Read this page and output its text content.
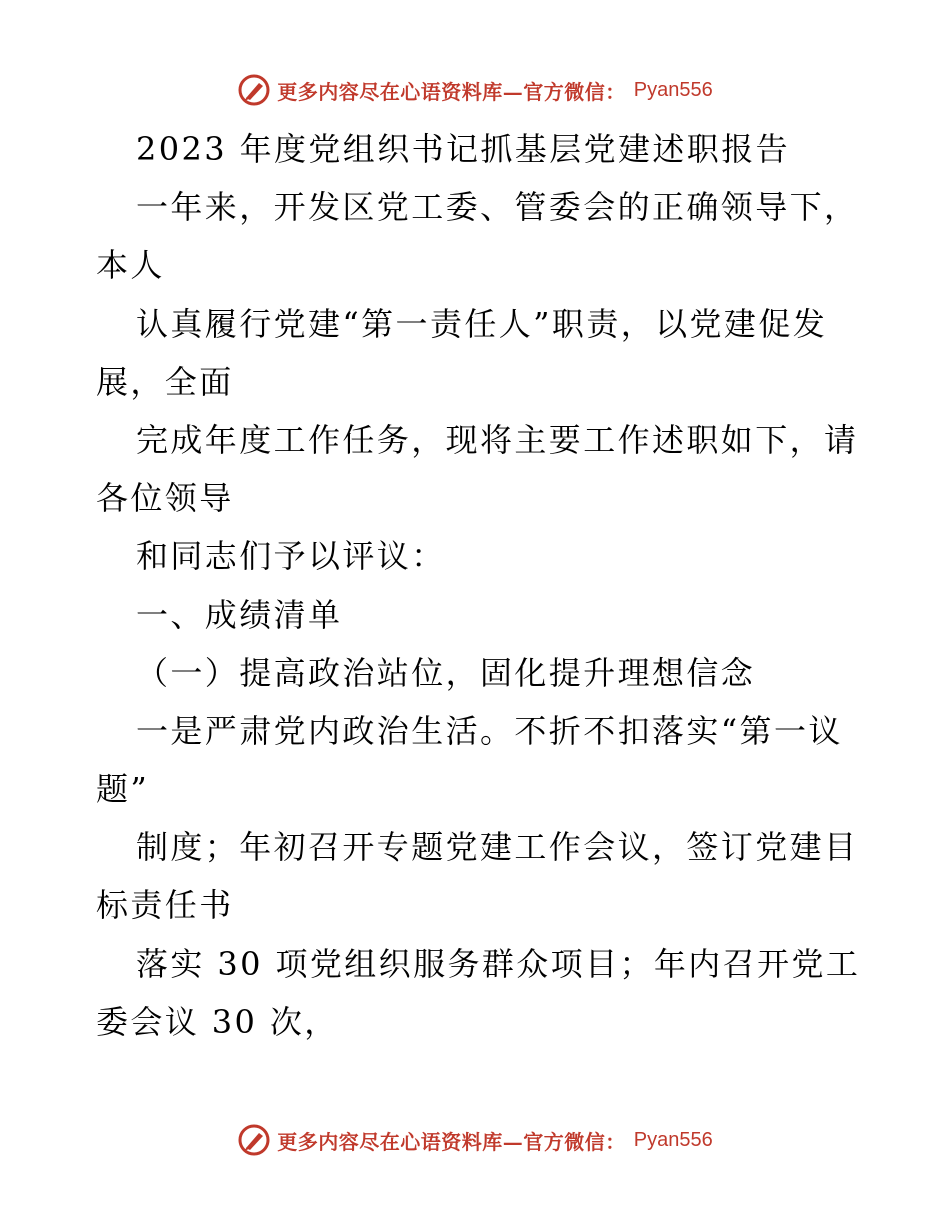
更多内容尽在心语资料库—官方微信： Pyan556

2023 年度党组织书记抓基层党建述职报告

一年来，开发区党工委、管委会的正确领导下，

本人

认真履行党建“第一责任人”职责，以党建促发

展，全面

完成年度工作任务，现将主要工作述职如下，请

各位领导

和同志们予以评议：

一、成绩清单

（一）提高政治站位，固化提升理想信念

一是严肃党内政治生活。不折不扣落实“第一议

题”

制度；年初召开专题党建工作会议，签订党建目

标责任书

落实 30 项党组织服务群众项目；年内召开党工

委会议 30 次，

更多内容尽在心语资料库—官方微信： Pyan556
